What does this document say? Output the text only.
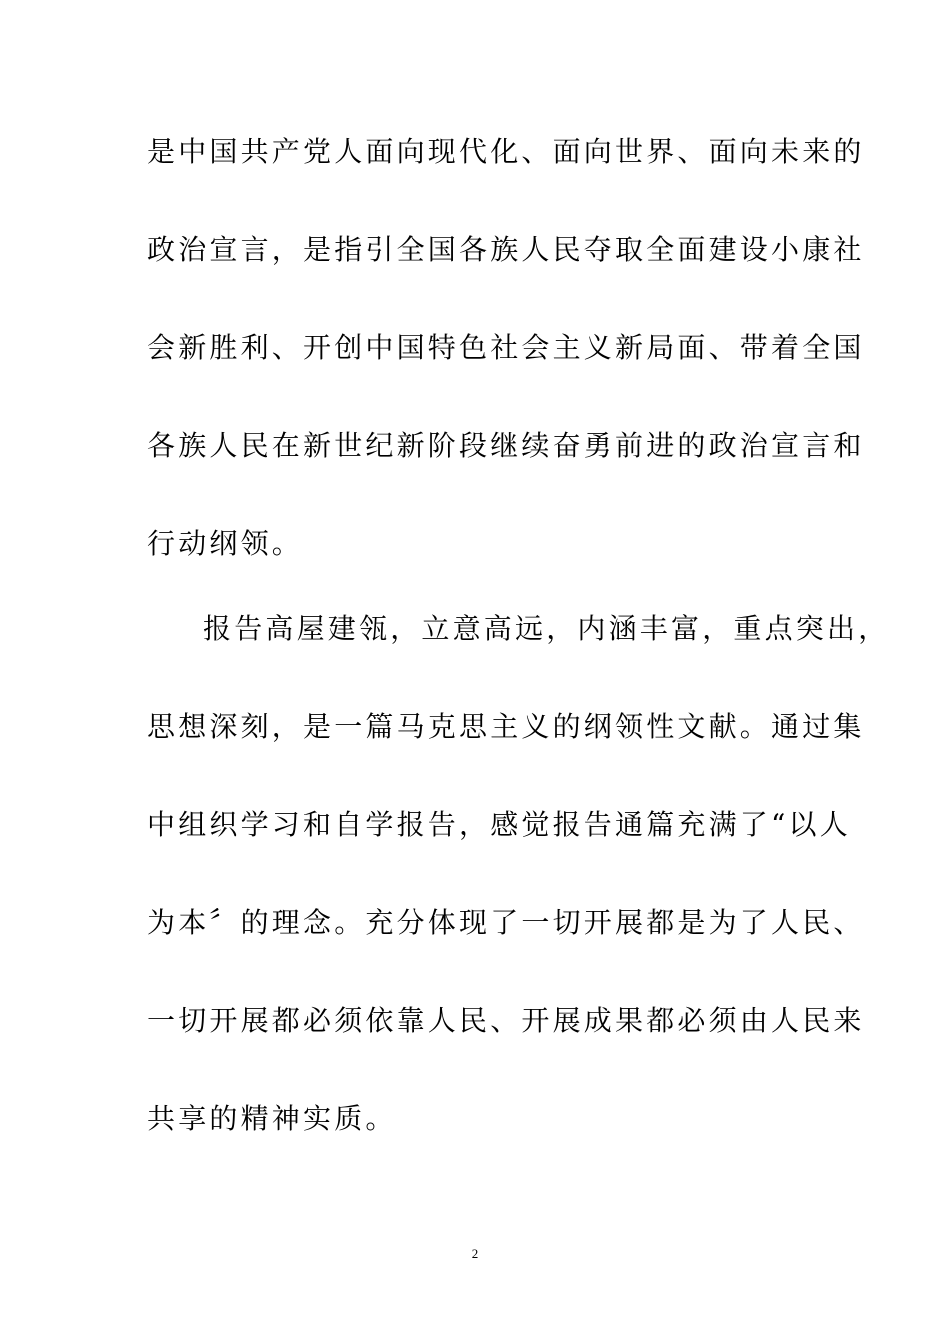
是中国共产党人面向现代化、面向世界、面向未来的
政治宣言，是指引全国各族人民夺取全面建设小康社
会新胜利、开创中国特色社会主义新局面、带着全国
各族人民在新世纪新阶段继续奋勇前进的政治宣言和
行动纲领。
报告高屋建瓴，立意高远，内涵丰富，重点突出，
思想深刻，是一篇马克思主义的纲领性文献。通过集
中组织学习和自学报告，感觉报告通篇充满了“以人
为本〞的理念。充分体现了一切开展都是为了人民、
一切开展都必须依靠人民、开展成果都必须由人民来
共享的精神实质。
2
